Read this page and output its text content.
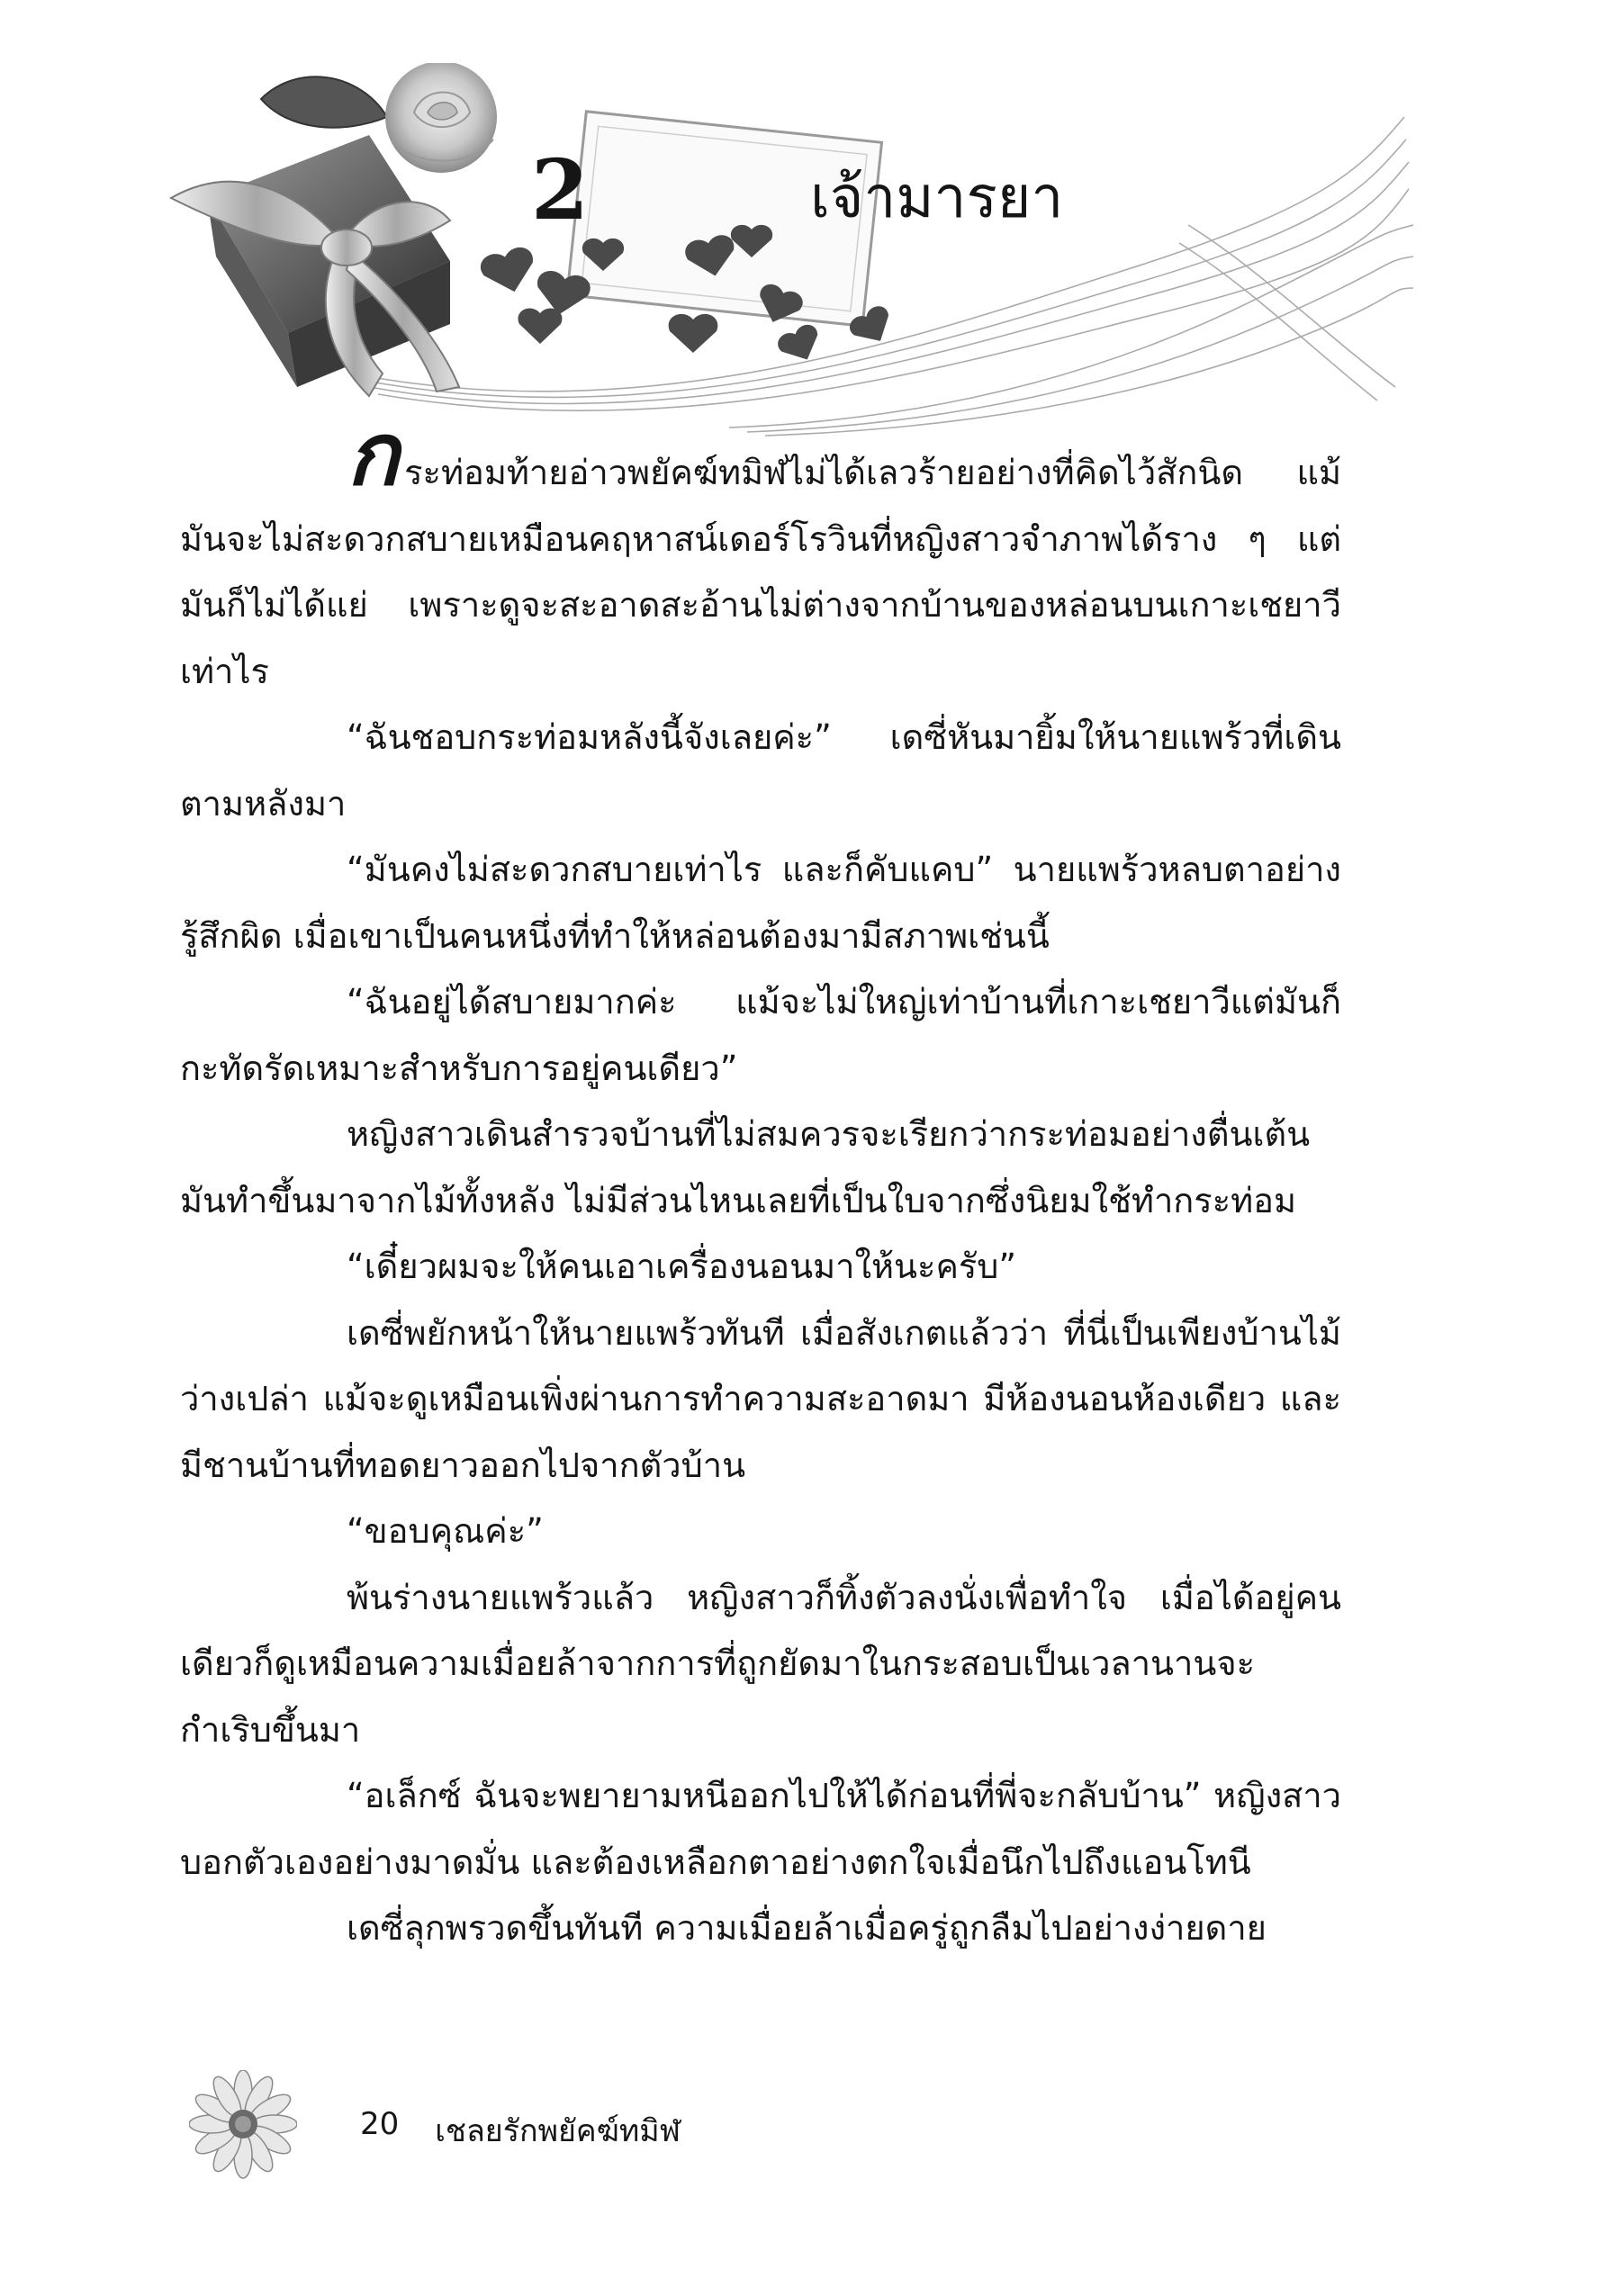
2	เจ้ามารยา

กระท่อมท้ายอ่าวพยัคฆ์ทมิฬไม่ได้เลวร้ายอย่างที่คิดไว้สักนิด แม้มันจะไม่สะดวกสบายเหมือนคฤหาสน์เดอร์โรวินที่หญิงสาวจำภาพได้ราง ๆ แต่มันก็ไม่ได้แย่ เพราะดูจะสะอาดสะอ้านไม่ต่างจากบ้านของหล่อนบนเกาะเชยาวีเท่าไร

“ฉันชอบกระท่อมหลังนี้จังเลยค่ะ” เดซี่หันมายิ้มให้นายแพร้วที่เดินตามหลังมา

“มันคงไม่สะดวกสบายเท่าไร และก็คับแคบ” นายแพร้วหลบตาอย่างรู้สึกผิด เมื่อเขาเป็นคนหนึ่งที่ทำให้หล่อนต้องมามีสภาพเช่นนี้

“ฉันอยู่ได้สบายมากค่ะ แม้จะไม่ใหญ่เท่าบ้านที่เกาะเชยาวีแต่มันก็กะทัดรัดเหมาะสำหรับการอยู่คนเดียว”

หญิงสาวเดินสำรวจบ้านที่ไม่สมควรจะเรียกว่ากระท่อมอย่างตื่นเต้น มันทำขึ้นมาจากไม้ทั้งหลัง ไม่มีส่วนไหนเลยที่เป็นใบจากซึ่งนิยมใช้ทำกระท่อม

“เดี๋ยวผมจะให้คนเอาเครื่องนอนมาให้นะครับ”

เดซี่พยักหน้าให้นายแพร้วทันที เมื่อสังเกตแล้วว่า ที่นี่เป็นเพียงบ้านไม้ว่างเปล่า แม้จะดูเหมือนเพิ่งผ่านการทำความสะอาดมา มีห้องนอนห้องเดียว และมีชานบ้านที่ทอดยาวออกไปจากตัวบ้าน

“ขอบคุณค่ะ”

พ้นร่างนายแพร้วแล้ว หญิงสาวก็ทิ้งตัวลงนั่งเพื่อทำใจ เมื่อได้อยู่คนเดียวก็ดูเหมือนความเมื่อยล้าจากการที่ถูกยัดมาในกระสอบเป็นเวลานานจะกำเริบขึ้นมา

“อเล็กซ์ ฉันจะพยายามหนีออกไปให้ได้ก่อนที่พี่จะกลับบ้าน” หญิงสาวบอกตัวเองอย่างมาดมั่น และต้องเหลือกตาอย่างตกใจเมื่อนึกไปถึงแอนโทนี

เดซี่ลุกพรวดขึ้นทันที ความเมื่อยล้าเมื่อครู่ถูกลืมไปอย่างง่ายดาย

20 เชลยรักพยัคฆ์ทมิฬ
